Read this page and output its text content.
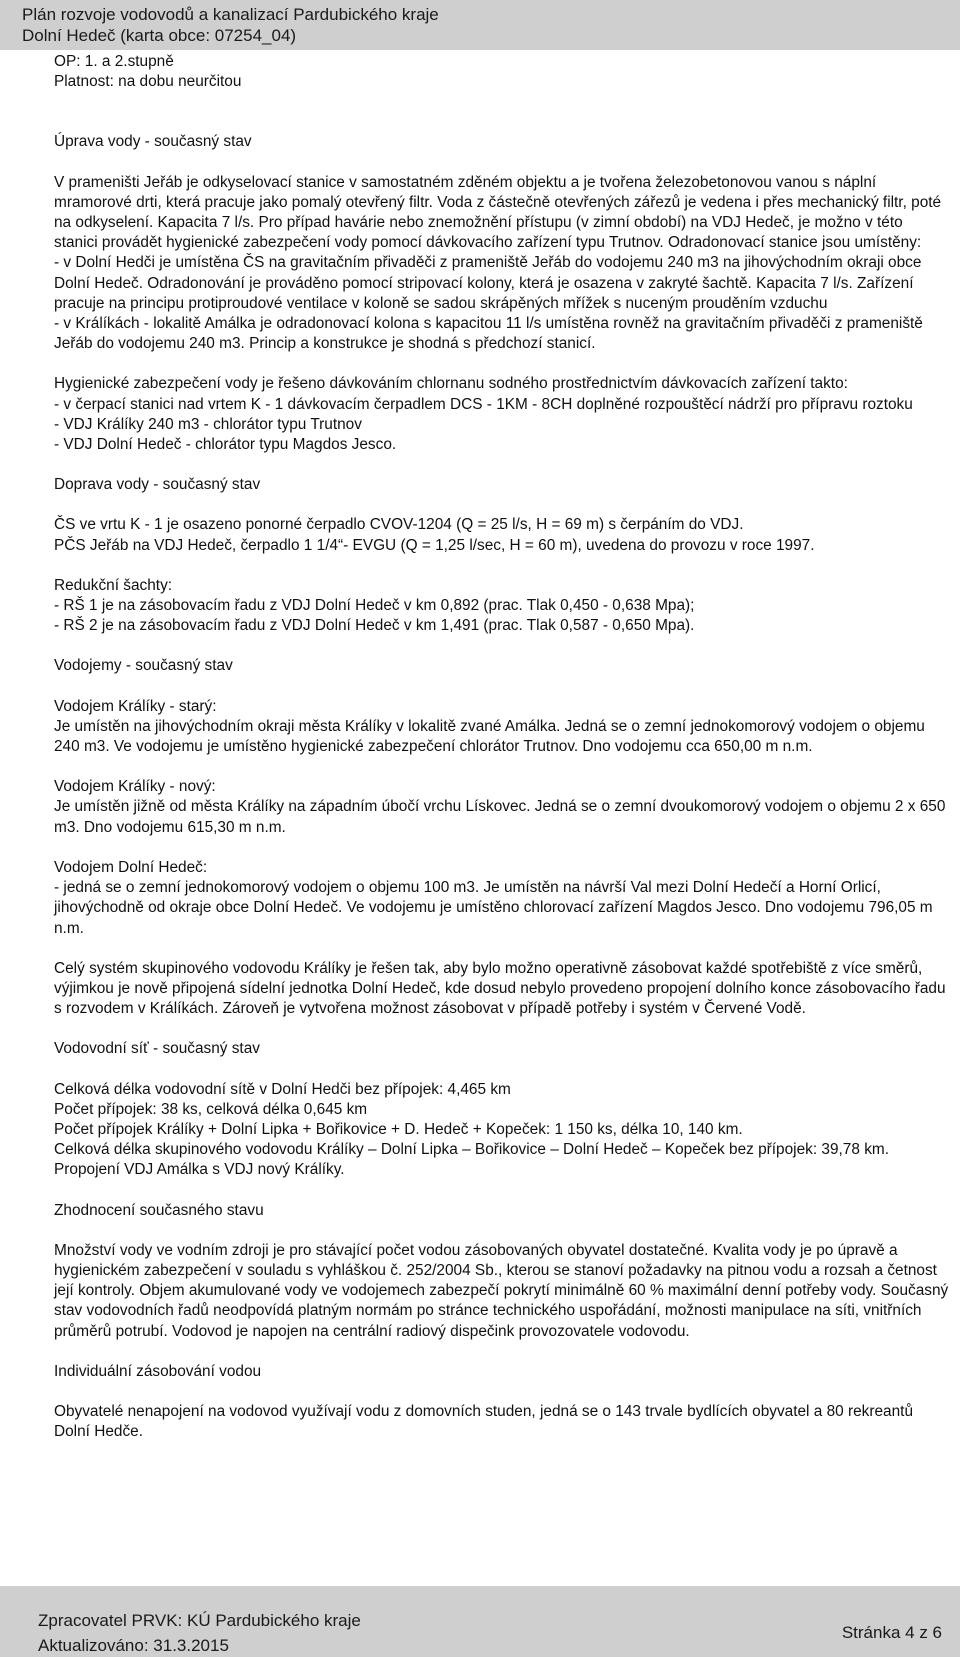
Plán rozvoje vodovodů a kanalizací Pardubického kraje
Dolní Hedeč (karta obce: 07254_04)
OP: 1. a 2.stupně
Platnost: na dobu neurčitou
Úprava vody - současný stav
V prameništi Jeřáb je odkyselovací stanice v samostatném zděném objektu a je tvořena železobetonovou vanou s náplní mramorové drti, která pracuje jako pomalý otevřený filtr. Voda z částečně otevřených zářezů je vedena i přes mechanický filtr, poté na odkyselení. Kapacita 7 l/s. Pro případ havárie nebo znemožnění přístupu (v zimní období) na VDJ Hedeč, je možno v této stanici provádět hygienické zabezpečení vody pomocí dávkovacího zařízení typu Trutnov. Odradonovací stanice jsou umístěny:
- v Dolní Hedči je umístěna ČS na gravitačním přivaděči z prameniště Jeřáb do vodojemu 240 m3 na jihovýchodním okraji obce Dolní Hedeč. Odradonování je prováděno pomocí stripovací kolony, která je osazena v zakryté šachtě. Kapacita 7 l/s. Zařízení pracuje na principu protiproudové ventilace v koloně se sadou skrápěných mřížek s nuceným prouděním vzduchu
- v Králíkách - lokalitě Amálka je odradonovací kolona s kapacitou 11 l/s umístěna rovněž na gravitačním přivaděči z prameniště Jeřáb do vodojemu 240 m3. Princip a konstrukce je shodná s předchozí stanicí.
Hygienické zabezpečení vody je řešeno dávkováním chlornanu sodného prostřednictvím dávkovacích zařízení takto:
- v čerpací stanici nad vrtem K - 1 dávkovacím čerpadlem DCS - 1KM - 8CH doplněné rozpouštěcí nádrží pro přípravu roztoku
- VDJ Králíky 240 m3 - chlorátor typu Trutnov
- VDJ Dolní Hedeč - chlorátor typu Magdos Jesco.
Doprava vody - současný stav
ČS ve vrtu K - 1 je osazeno ponorné čerpadlo CVOV-1204 (Q = 25 l/s, H = 69 m) s čerpáním do VDJ.
PČS Jeřáb na VDJ Hedeč, čerpadlo 1 1/4“- EVGU (Q = 1,25 l/sec, H = 60 m), uvedena do provozu v roce 1997.
Redukční šachty:
- RŠ 1 je na zásobovacím řadu z VDJ Dolní Hedeč v km 0,892 (prac. Tlak 0,450 - 0,638 Mpa);
- RŠ 2 je na zásobovacím řadu z VDJ Dolní Hedeč v km 1,491 (prac. Tlak 0,587 - 0,650 Mpa).
Vodojemy - současný stav
Vodojem Králíky - starý:
Je umístěn na jihovýchodním okraji města Králíky v lokalitě zvané Amálka. Jedná se o zemní jednokomorový vodojem o objemu 240 m3. Ve vodojemu je umístěno hygienické zabezpečení chlorátor Trutnov. Dno vodojemu cca 650,00 m n.m.
Vodojem Králíky - nový:
Je umístěn jižně od města Králíky na západním úbočí vrchu Lískovec. Jedná se o zemní dvoukomorový vodojem o objemu 2 x 650 m3. Dno vodojemu 615,30 m n.m.
Vodojem Dolní Hedeč:
- jedná se o zemní jednokomorový vodojem o objemu 100 m3. Je umístěn na návrší Val mezi Dolní Hedečí a Horní Orlicí, jihovýchodně od okraje obce Dolní Hedeč. Ve vodojemu je umístěno chlorovací zařízení Magdos Jesco. Dno vodojemu 796,05 m n.m.
Celý systém skupinového vodovodu Králíky je řešen tak, aby bylo možno operativně zásobovat každé spotřebiště z více směrů, výjimkou je nově připojená sídelní jednotka Dolní Hedeč, kde dosud nebylo provedeno propojení dolního konce zásobovacího řadu s rozvodem v Králíkách. Zároveň je vytvořena možnost zásobovat v případě potřeby i systém v Červené Vodě.
Vodovodní síť - současný stav
Celková délka vodovodní sítě v Dolní Hedči bez přípojek: 4,465 km
Počet přípojek: 38 ks, celková délka 0,645 km
Počet přípojek Králíky + Dolní Lipka + Bořikovice + D. Hedeč + Kopeček: 1 150 ks, délka 10, 140 km.
Celková délka skupinového vodovodu Králíky – Dolní Lipka – Bořikovice – Dolní Hedeč – Kopeček bez přípojek: 39,78 km.
Propojení VDJ Amálka s VDJ nový Králíky.
Zhodnocení současného stavu
Množství vody ve vodním zdroji je pro stávající počet vodou zásobovaných obyvatel dostatečné. Kvalita vody je po úpravě a hygienickém zabezpečení v souladu s vyhláškou č. 252/2004 Sb., kterou se stanoví požadavky na pitnou vodu a rozsah a četnost její kontroly. Objem akumulované vody ve vodojemech zabezpečí pokrytí minimálně 60 % maximální denní potřeby vody. Současný stav vodovodních řadů neodpovídá platným normám po stránce technického uspořádání, možnosti manipulace na síti, vnitřních průměrů potrubí. Vodovod je napojen na centrální radiový dispečink provozovatele vodovodu.
Individuální zásobování vodou
Obyvatelé nenapojení na vodovod využívají vodu z domovních studen, jedná se o 143 trvale bydlících obyvatel a 80 rekreantů Dolní Hedče.
Zpracovatel PRVK: KÚ Pardubického kraje
Aktualizováno: 31.3.2015
Stránka 4 z 6
